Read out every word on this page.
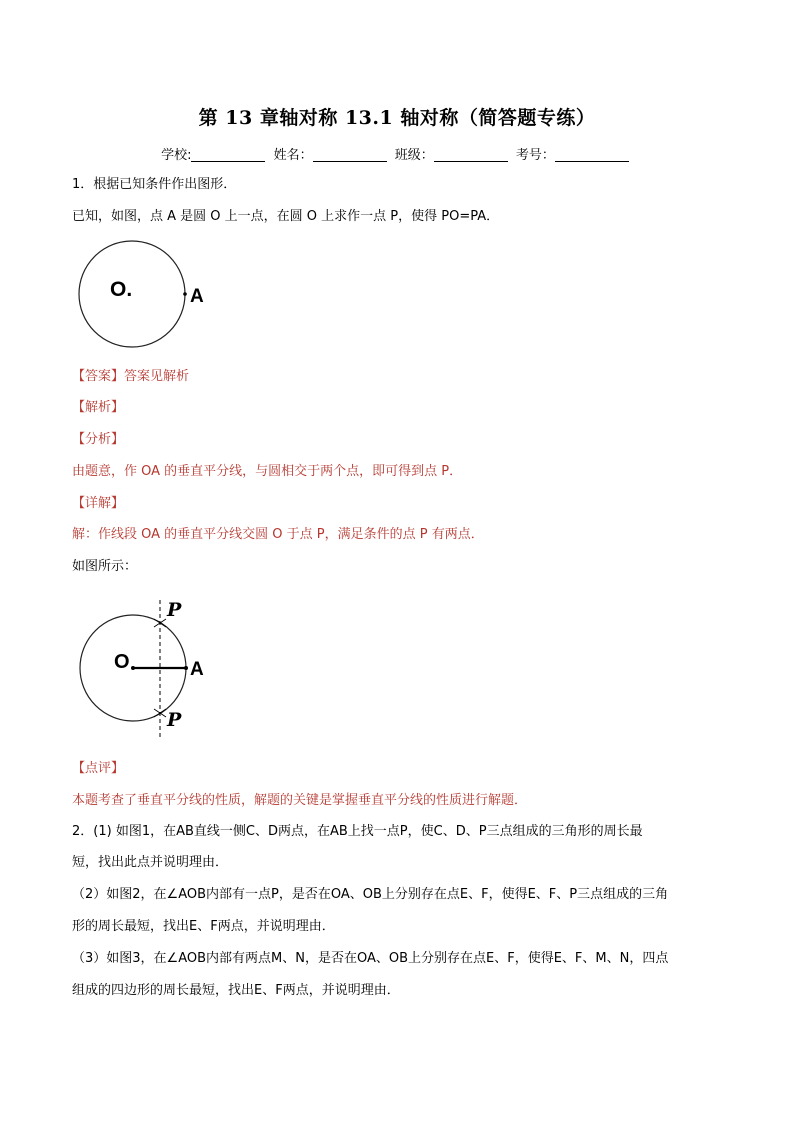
第 13 章轴对称 13.1 轴对称（简答题专练）
学校:	姓名：	班级：	考号：
1．根据已知条件作出图形．
已知，如图，点 A 是圆 O 上一点，在圆 O 上求作一点 P，使得 PO=PA．
O.	A
【答案】答案见解析
【解析】
【分析】
由题意，作 OA 的垂直平分线，与圆相交于两个点，即可得到点 P．
【详解】
解：作线段 OA 的垂直平分线交圆 O 于点 P，满足条件的点 P 有两点．
如图所示：
O	A
P
P
【点评】
本题考查了垂直平分线的性质，解题的关键是掌握垂直平分线的性质进行解题．
2．(1) 如图1，在AB直线一侧C、D两点，在AB上找一点P，使C、D、P三点组成的三角形的周长最
短，找出此点并说明理由．
（2）如图2，在∠AOB内部有一点P，是否在OA、OB上分别存在点E、F，使得E、F、P三点组成的三角
形的周长最短，找出E、F两点，并说明理由．
（3）如图3，在∠AOB内部有两点M、N，是否在OA、OB上分别存在点E、F，使得E、F、M、N，四点
组成的四边形的周长最短，找出E、F两点，并说明理由．
